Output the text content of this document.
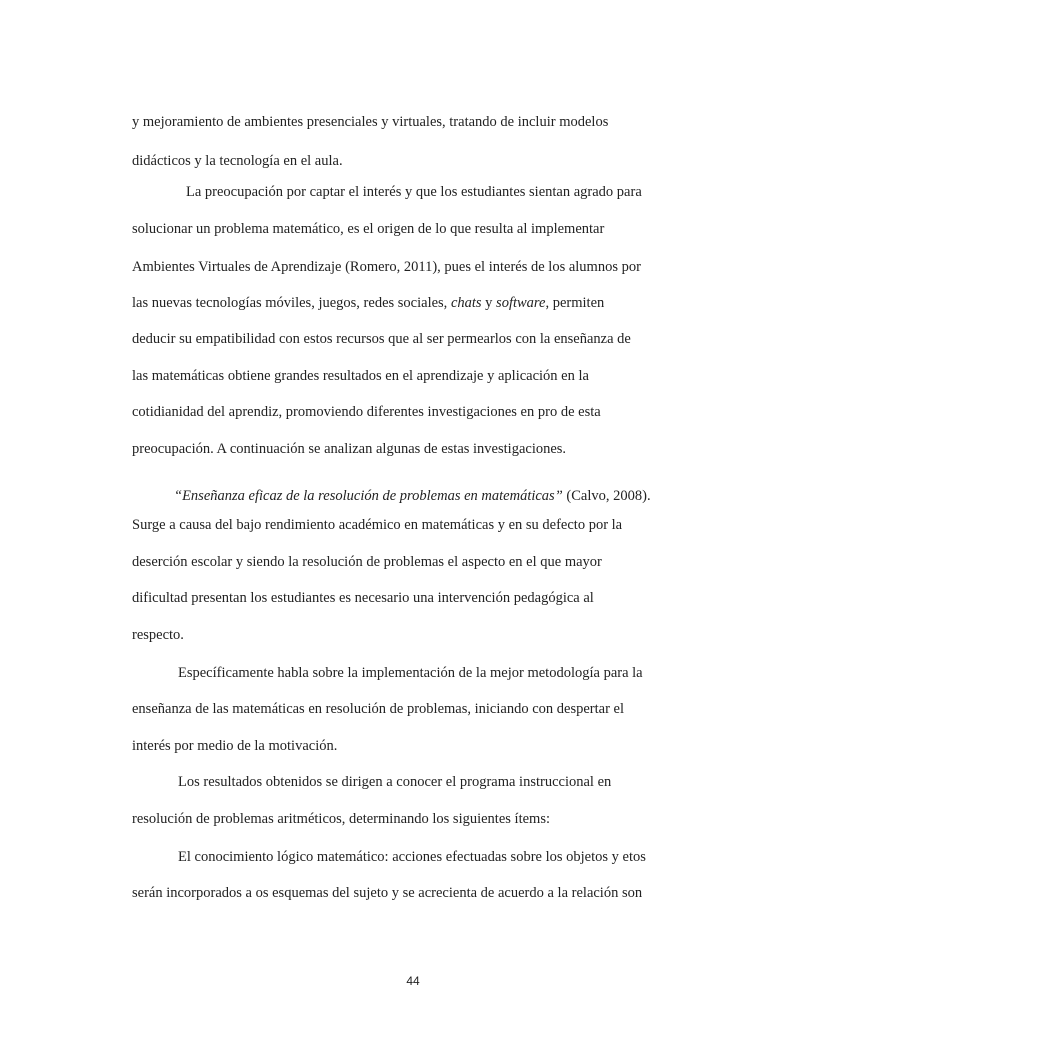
y mejoramiento de ambientes presenciales y virtuales, tratando de incluir modelos
didácticos y la tecnología en el aula.
La preocupación por captar el interés y que los estudiantes sientan agrado para
solucionar un problema matemático, es el origen de lo que resulta al implementar
Ambientes Virtuales de Aprendizaje (Romero, 2011), pues el interés de los alumnos por
las nuevas tecnologías móviles, juegos, redes sociales, chats y software, permiten
deducir su empatibilidad con estos recursos que al ser permearlos con la enseñanza de
las matemáticas obtiene grandes resultados en el aprendizaje y aplicación en la
cotidianidad del aprendiz, promoviendo diferentes investigaciones en pro de esta
preocupación. A continuación se analizan algunas de estas investigaciones.
“Enseñanza eficaz de la resolución de problemas en matemáticas” (Calvo, 2008).
Surge a causa del bajo rendimiento académico en matemáticas y en su defecto por la
deserción escolar y siendo la resolución de problemas el aspecto en el que mayor
dificultad presentan los estudiantes es necesario una intervención pedagógica al
respecto.
Específicamente habla sobre la implementación de la mejor metodología para la
enseñanza de las matemáticas en resolución de problemas, iniciando con despertar el
interés por medio de la motivación.
Los resultados obtenidos se dirigen a conocer el programa instruccional en
resolución de problemas aritméticos, determinando los siguientes ítems:
El conocimiento lógico matemático: acciones efectuadas sobre los objetos y etos
serán incorporados a os esquemas del sujeto y se acrecienta de acuerdo a la relación son
44
